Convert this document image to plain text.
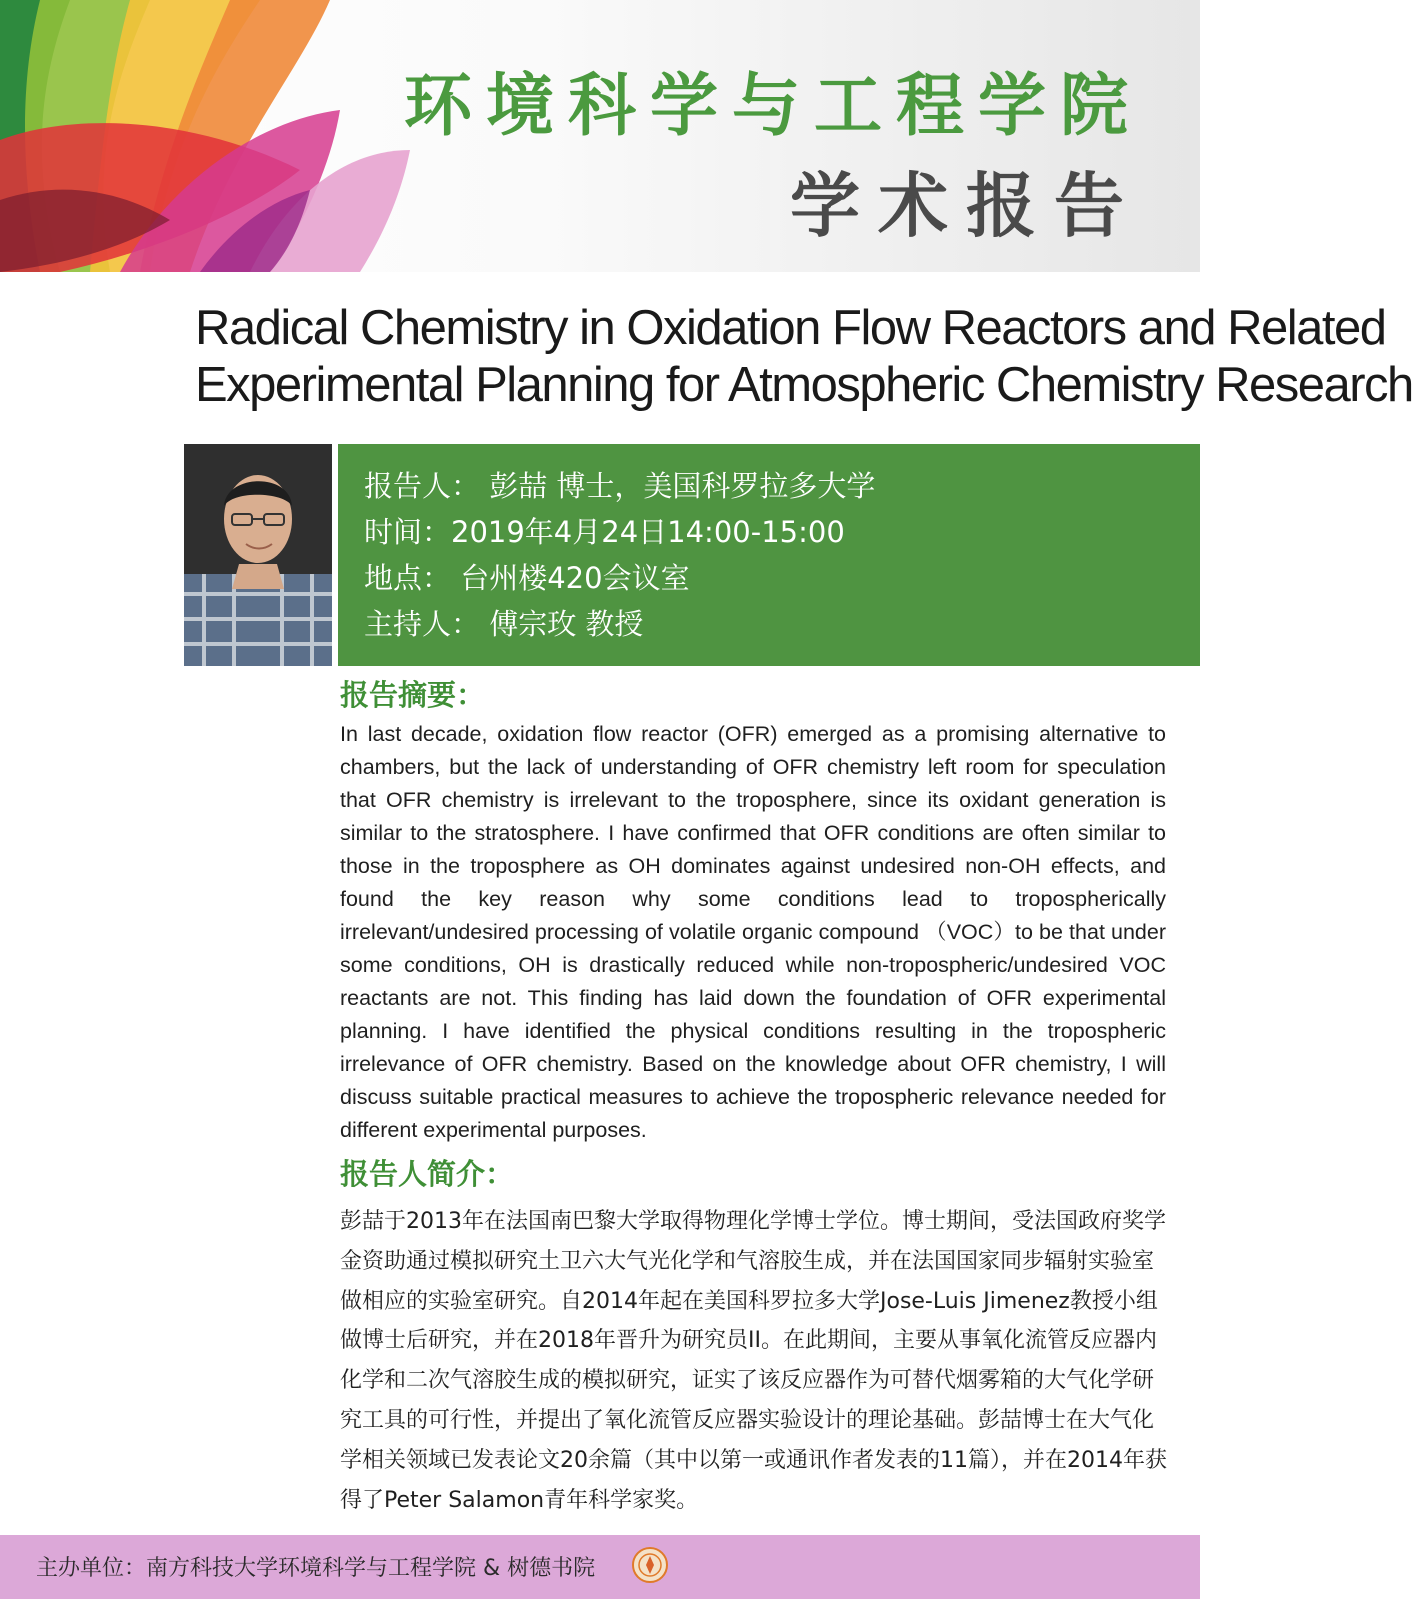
环境科学与工程学院
学术报告
Radical Chemistry in Oxidation Flow Reactors and Related
Experimental Planning for Atmospheric Chemistry Research
报告人： 彭喆 博士，美国科罗拉多大学
时间：2019年4月24日14:00-15:00
地点： 台州楼420会议室
主持人： 傅宗玫 教授
报告摘要：

In last decade, oxidation flow reactor (OFR) emerged as a promising alternative to chambers, but the lack of understanding of OFR chemistry left room for speculation that OFR chemistry is irrelevant to the troposphere, since its oxidant generation is similar to the stratosphere. I have confirmed that OFR conditions are often similar to those in the troposphere as OH dominates against undesired non-OH effects, and found the key reason why some conditions lead to tropospherically irrelevant/undesired processing of volatile organic compound （VOC）to be that under some conditions, OH is drastically reduced while non-tropospheric/undesired VOC reactants are not. This finding has laid down the foundation of OFR experimental planning. I have identified the physical conditions resulting in the tropospheric irrelevance of OFR chemistry. Based on the knowledge about OFR chemistry, I will discuss suitable practical measures to achieve the tropospheric relevance needed for different experimental purposes.

报告人简介：

彭喆于2013年在法国南巴黎大学取得物理化学博士学位。博士期间，受法国政府奖学金资助通过模拟研究土卫六大气光化学和气溶胶生成，并在法国国家同步辐射实验室做相应的实验室研究。自2014年起在美国科罗拉多大学Jose-Luis Jimenez教授小组做博士后研究，并在2018年晋升为研究员II。在此期间，主要从事氧化流管反应器内化学和二次气溶胶生成的模拟研究，证实了该反应器作为可替代烟雾箱的大气化学研究工具的可行性，并提出了氧化流管反应器实验设计的理论基础。彭喆博士在大气化学相关领域已发表论文20余篇（其中以第一或通讯作者发表的11篇），并在2014年获得了Peter Salamon青年科学家奖。

主办单位：南方科技大学环境科学与工程学院 & 树德书院
